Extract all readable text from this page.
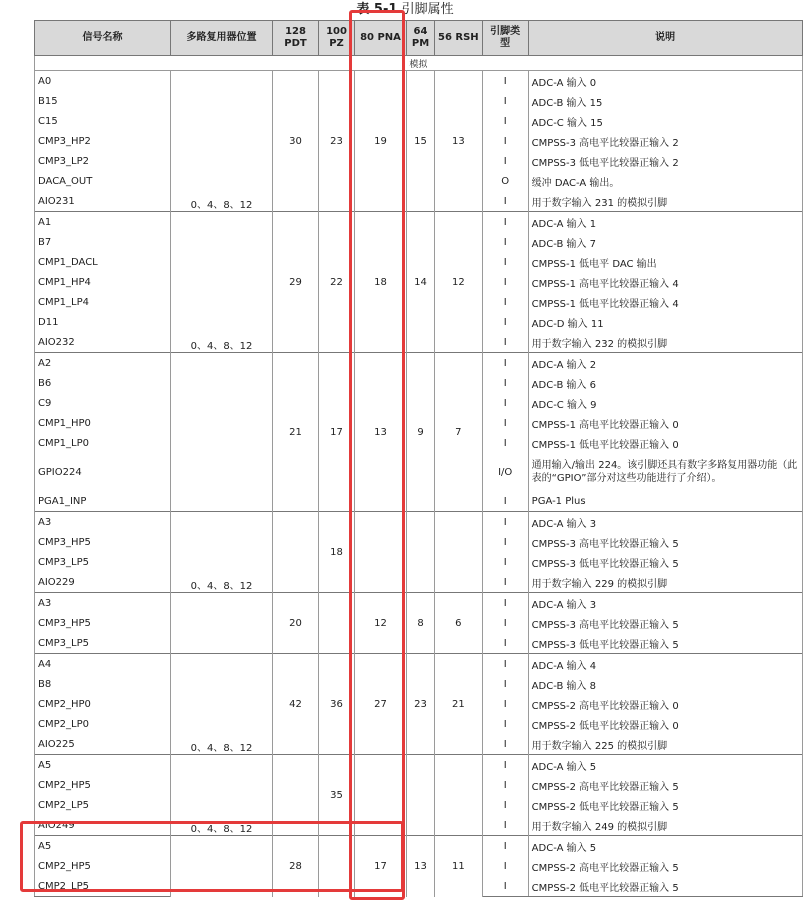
表 5-1 引脚属性
信号名称	多路复用器位置	128 PDT	100 PZ	80 PNA	64 PM	56 RSH	引脚类型	说明
模拟								
A0	0、4、8、12	30	23	19	15	13	I	ADC-A 输入 0
B15							I	ADC-B 输入 15
C15							I	ADC-C 输入 15
CMP3_HP2							I	CMPSS-3 高电平比较器正输入 2
CMP3_LP2							I	CMPSS-3 低电平比较器正输入 2
DACA_OUT							O	缓冲 DAC-A 输出。
AIO231							I	用于数字输入 231 的模拟引脚
A1	0、4、8、12	29	22	18	14	12	I	ADC-A 输入 1
B7							I	ADC-B 输入 7
CMP1_DACL							I	CMPSS-1 低电平 DAC 输出
CMP1_HP4							I	CMPSS-1 高电平比较器正输入 4
CMP1_LP4							I	CMPSS-1 低电平比较器正输入 4
D11							I	ADC-D 输入 11
AIO232							I	用于数字输入 232 的模拟引脚
A2		21	17	13	9	7	I	ADC-A 输入 2
B6							I	ADC-B 输入 6
C9							I	ADC-C 输入 9
CMP1_HP0							I	CMPSS-1 高电平比较器正输入 0
CMP1_LP0							I	CMPSS-1 低电平比较器正输入 0
GPIO224							I/O	通用输入/输出 224。该引脚还具有数字多路复用器功能（此表的“GPIO”部分对这些功能进行了介绍）。
PGA1_INP							I	PGA-1 Plus
A3	0、4、8、12		18				I	ADC-A 输入 3
CMP3_HP5							I	CMPSS-3 高电平比较器正输入 5
CMP3_LP5							I	CMPSS-3 低电平比较器正输入 5
AIO229							I	用于数字输入 229 的模拟引脚
A3		20		12	8	6	I	ADC-A 输入 3
CMP3_HP5							I	CMPSS-3 高电平比较器正输入 5
CMP3_LP5							I	CMPSS-3 低电平比较器正输入 5
A4	0、4、8、12	42	36	27	23	21	I	ADC-A 输入 4
B8							I	ADC-B 输入 8
CMP2_HP0							I	CMPSS-2 高电平比较器正输入 0
CMP2_LP0							I	CMPSS-2 低电平比较器正输入 0
AIO225							I	用于数字输入 225 的模拟引脚
A5	0、4、8、12		35				I	ADC-A 输入 5
CMP2_HP5							I	CMPSS-2 高电平比较器正输入 5
CMP2_LP5							I	CMPSS-2 低电平比较器正输入 5
AIO249							I	用于数字输入 249 的模拟引脚
A5		28		17	13	11	I	ADC-A 输入 5
CMP2_HP5							I	CMPSS-2 高电平比较器正输入 5
CMP2_LP5							I	CMPSS-2 低电平比较器正输入 5
